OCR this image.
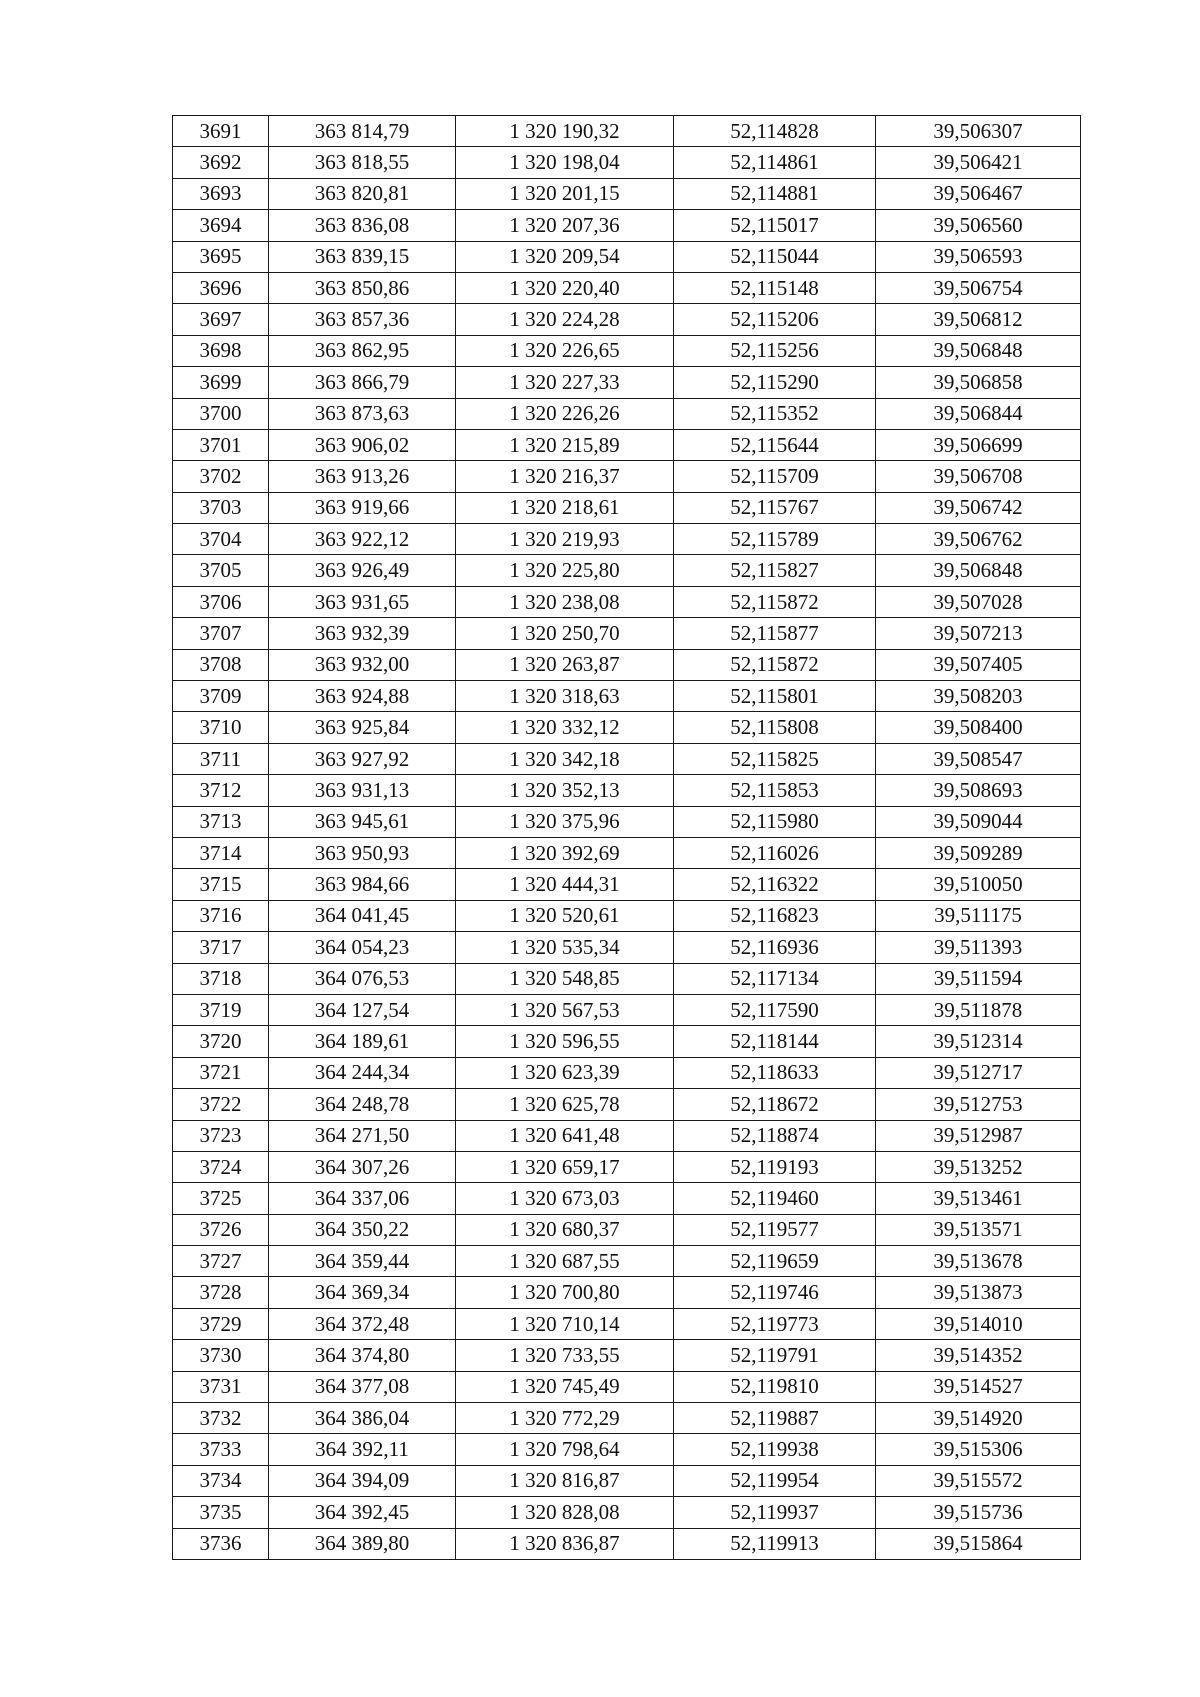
3691	363 814,79	1 320 190,32	52,114828	39,506307
3692	363 818,55	1 320 198,04	52,114861	39,506421
3693	363 820,81	1 320 201,15	52,114881	39,506467
3694	363 836,08	1 320 207,36	52,115017	39,506560
3695	363 839,15	1 320 209,54	52,115044	39,506593
3696	363 850,86	1 320 220,40	52,115148	39,506754
3697	363 857,36	1 320 224,28	52,115206	39,506812
3698	363 862,95	1 320 226,65	52,115256	39,506848
3699	363 866,79	1 320 227,33	52,115290	39,506858
3700	363 873,63	1 320 226,26	52,115352	39,506844
3701	363 906,02	1 320 215,89	52,115644	39,506699
3702	363 913,26	1 320 216,37	52,115709	39,506708
3703	363 919,66	1 320 218,61	52,115767	39,506742
3704	363 922,12	1 320 219,93	52,115789	39,506762
3705	363 926,49	1 320 225,80	52,115827	39,506848
3706	363 931,65	1 320 238,08	52,115872	39,507028
3707	363 932,39	1 320 250,70	52,115877	39,507213
3708	363 932,00	1 320 263,87	52,115872	39,507405
3709	363 924,88	1 320 318,63	52,115801	39,508203
3710	363 925,84	1 320 332,12	52,115808	39,508400
3711	363 927,92	1 320 342,18	52,115825	39,508547
3712	363 931,13	1 320 352,13	52,115853	39,508693
3713	363 945,61	1 320 375,96	52,115980	39,509044
3714	363 950,93	1 320 392,69	52,116026	39,509289
3715	363 984,66	1 320 444,31	52,116322	39,510050
3716	364 041,45	1 320 520,61	52,116823	39,511175
3717	364 054,23	1 320 535,34	52,116936	39,511393
3718	364 076,53	1 320 548,85	52,117134	39,511594
3719	364 127,54	1 320 567,53	52,117590	39,511878
3720	364 189,61	1 320 596,55	52,118144	39,512314
3721	364 244,34	1 320 623,39	52,118633	39,512717
3722	364 248,78	1 320 625,78	52,118672	39,512753
3723	364 271,50	1 320 641,48	52,118874	39,512987
3724	364 307,26	1 320 659,17	52,119193	39,513252
3725	364 337,06	1 320 673,03	52,119460	39,513461
3726	364 350,22	1 320 680,37	52,119577	39,513571
3727	364 359,44	1 320 687,55	52,119659	39,513678
3728	364 369,34	1 320 700,80	52,119746	39,513873
3729	364 372,48	1 320 710,14	52,119773	39,514010
3730	364 374,80	1 320 733,55	52,119791	39,514352
3731	364 377,08	1 320 745,49	52,119810	39,514527
3732	364 386,04	1 320 772,29	52,119887	39,514920
3733	364 392,11	1 320 798,64	52,119938	39,515306
3734	364 394,09	1 320 816,87	52,119954	39,515572
3735	364 392,45	1 320 828,08	52,119937	39,515736
3736	364 389,80	1 320 836,87	52,119913	39,515864
